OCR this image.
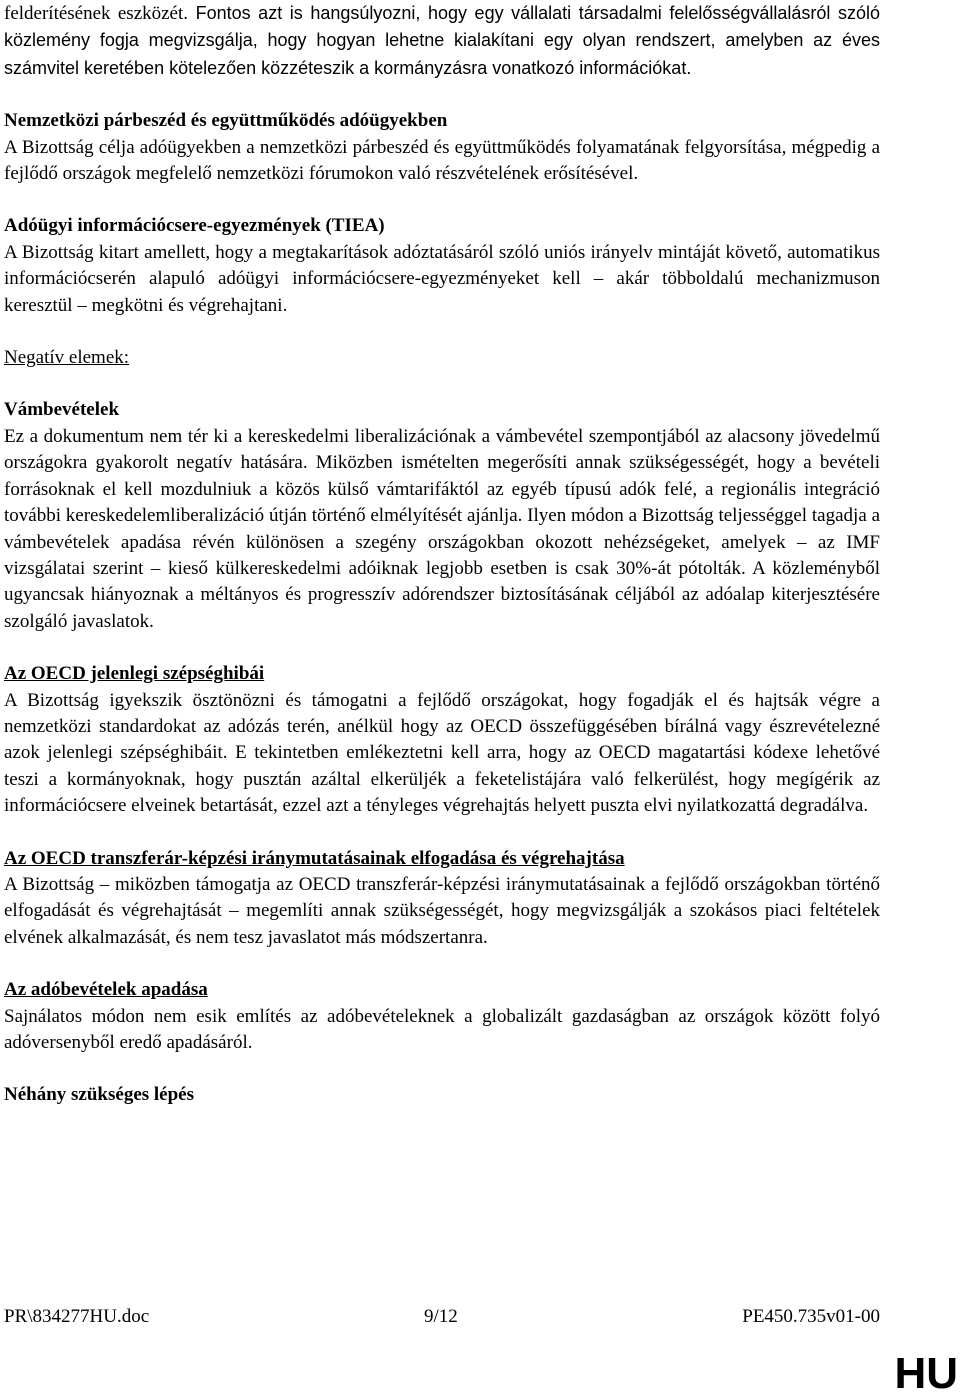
felderítésének eszközét. Fontos azt is hangsúlyozni, hogy egy vállalati társadalmi felelősségvállalásról szóló közlemény fogja megvizsgálja, hogy hogyan lehetne kialakítani egy olyan rendszert, amelyben az éves számvitel keretében kötelezően közzéteszik a kormányzásra vonatkozó információkat.

Nemzetközi párbeszéd és együttműködés adóügyekben

A Bizottság célja adóügyekben a nemzetközi párbeszéd és együttműködés folyamatának felgyorsítása, mégpedig a fejlődő országok megfelelő nemzetközi fórumokon való részvételének erősítésével.

Adóügyi információcsere-egyezmények (TIEA)

A Bizottság kitart amellett, hogy a megtakarítások adóztatásáról szóló uniós irányelv mintáját követő, automatikus információcserén alapuló adóügyi információcsere-egyezményeket kell – akár többoldalú mechanizmuson keresztül – megkötni és végrehajtani.

Negatív elemek:

Vámbevételek

Ez a dokumentum nem tér ki a kereskedelmi liberalizációnak a vámbevétel szempontjából az alacsony jövedelmű országokra gyakorolt negatív hatására. Miközben ismételten megerősíti annak szükségességét, hogy a bevételi forrásoknak el kell mozdulniuk a közös külső vámtarifáktól az egyéb típusú adók felé, a regionális integráció további kereskedelemliberalizáció útján történő elmélyítését ajánlja. Ilyen módon a Bizottság teljességgel tagadja a vámbevételek apadása révén különösen a szegény országokban okozott nehézségeket, amelyek – az IMF vizsgálatai szerint – kieső külkereskedelmi adóiknak legjobb esetben is csak 30%-át pótolták. A közleményből ugyancsak hiányoznak a méltányos és progresszív adórendszer biztosításának céljából az adóalap kiterjesztésére szolgáló javaslatok.

Az OECD jelenlegi szépséghibái

A Bizottság igyekszik ösztönözni és támogatni a fejlődő országokat, hogy fogadják el és hajtsák végre a nemzetközi standardokat az adózás terén, anélkül hogy az OECD összefüggésében bírálná vagy észrevételezné azok jelenlegi szépséghibáit. E tekintetben emlékeztetni kell arra, hogy az OECD magatartási kódexe lehetővé teszi a kormányoknak, hogy pusztán azáltal elkerüljék a feketelistájára való felkerülést, hogy megígérik az információcsere elveinek betartását, ezzel azt a tényleges végrehajtás helyett puszta elvi nyilatkozattá degradálva.

Az OECD transzferár-képzési iránymutatásainak elfogadása és végrehajtása

A Bizottság – miközben támogatja az OECD transzferár-képzési iránymutatásainak a fejlődő országokban történő elfogadását és végrehajtását – megemlíti annak szükségességét, hogy megvizsgálják a szokásos piaci feltételek elvének alkalmazását, és nem tesz javaslatot más módszertanra.

Az adóbevételek apadása

Sajnálatos módon nem esik említés az adóbevételeknek a globalizált gazdaságban az országok között folyó adóversenyből eredő apadásáról.

Néhány szükséges lépés

PR\834277HU.doc	9/12	PE450.735v01-00
HU
